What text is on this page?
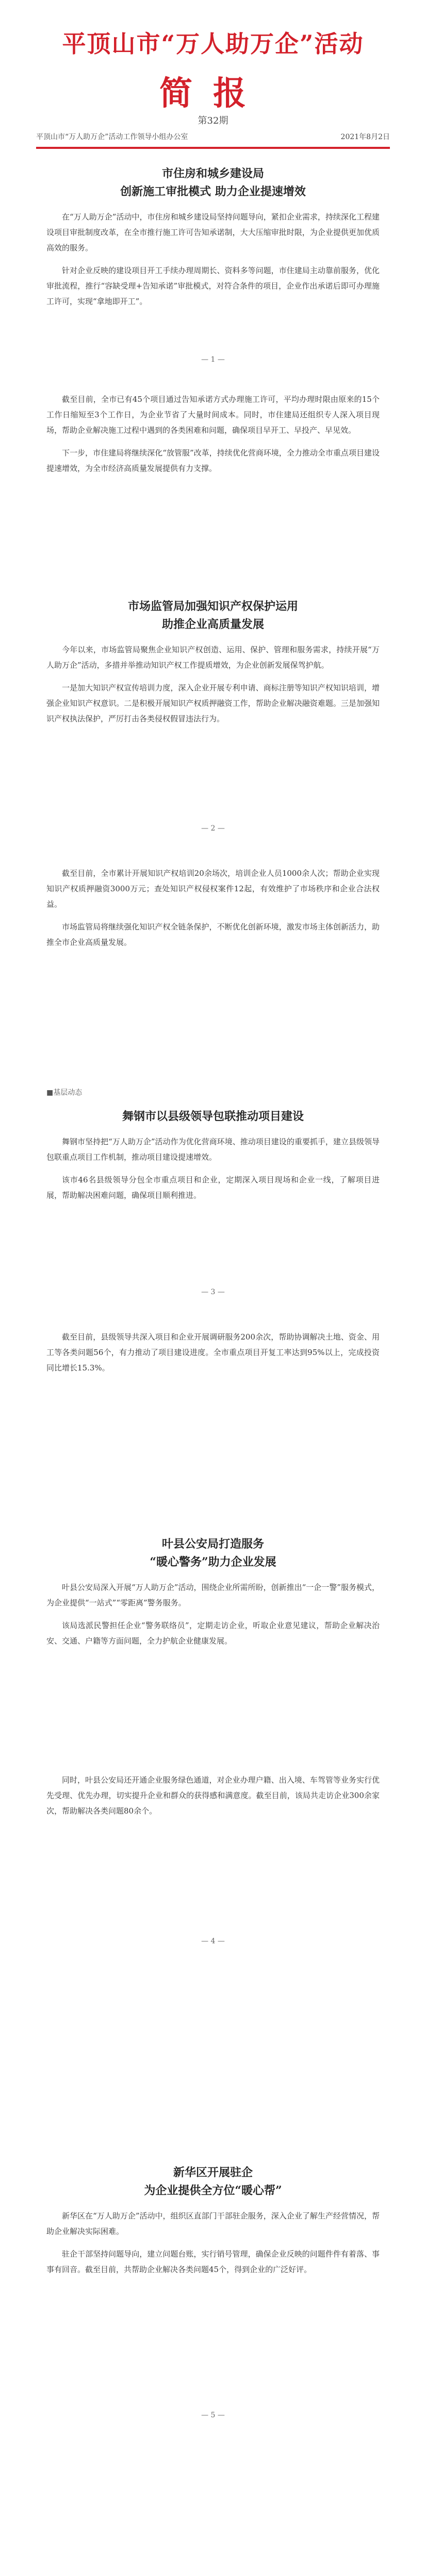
平顶山市“万人助万企”活动
简报
第32期
平顶山市“万人助万企”活动工作领导小组办公室	2021年8月2日
市住房和城乡建设局
创新施工审批模式 助力企业提速增效

在“万人助万企”活动中，市住房和城乡建设局坚持问题导向，紧扣企业需求，持续深化工程建设项目审批制度改革，在全市推行施工许可告知承诺制，大大压缩审批时限，为企业提供更加优质高效的服务。

针对企业反映的建设项目开工手续办理周期长、资料多等问题，市住建局主动靠前服务，优化审批流程，推行“容缺受理+告知承诺”审批模式，对符合条件的项目，企业作出承诺后即可办理施工许可，实现“拿地即开工”。

— 1 —

截至目前，全市已有45个项目通过告知承诺方式办理施工许可，平均办理时限由原来的15个工作日缩短至3个工作日，为企业节省了大量时间成本。同时，市住建局还组织专人深入项目现场，帮助企业解决施工过程中遇到的各类困难和问题，确保项目早开工、早投产、早见效。

下一步，市住建局将继续深化“放管服”改革，持续优化营商环境，全力推动全市重点项目建设提速增效，为全市经济高质量发展提供有力支撑。

市场监管局加强知识产权保护运用
助推企业高质量发展

今年以来，市场监管局聚焦企业知识产权创造、运用、保护、管理和服务需求，持续开展“万人助万企”活动，多措并举推动知识产权工作提质增效，为企业创新发展保驾护航。

一是加大知识产权宣传培训力度，深入企业开展专利申请、商标注册等知识产权知识培训，增强企业知识产权意识。二是积极开展知识产权质押融资工作，帮助企业解决融资难题。三是加强知识产权执法保护，严厉打击各类侵权假冒违法行为。

— 2 —

截至目前，全市累计开展知识产权培训20余场次，培训企业人员1000余人次；帮助企业实现知识产权质押融资3000万元；查处知识产权侵权案件12起，有效维护了市场秩序和企业合法权益。

市场监管局将继续强化知识产权全链条保护，不断优化创新环境，激发市场主体创新活力，助推全市企业高质量发展。

■基层动态
舞钢市以县级领导包联推动项目建设

舞钢市坚持把“万人助万企”活动作为优化营商环境、推动项目建设的重要抓手，建立县级领导包联重点项目工作机制，推动项目建设提速增效。

该市46名县级领导分包全市重点项目和企业，定期深入项目现场和企业一线，了解项目进展，帮助解决困难问题，确保项目顺利推进。

— 3 —

截至目前，县级领导共深入项目和企业开展调研服务200余次，帮助协调解决土地、资金、用工等各类问题56个，有力推动了项目建设进度。全市重点项目开复工率达到95%以上，完成投资同比增长15.3%。

叶县公安局打造服务
“暖心警务”助力企业发展

叶县公安局深入开展“万人助万企”活动，围绕企业所需所盼，创新推出“一企一警”服务模式，为企业提供“一站式”“零距离”警务服务。

该局选派民警担任企业“警务联络员”，定期走访企业，听取企业意见建议，帮助企业解决治安、交通、户籍等方面问题，全力护航企业健康发展。

同时，叶县公安局还开通企业服务绿色通道，对企业办理户籍、出入境、车驾管等业务实行优先受理、优先办理，切实提升企业和群众的获得感和满意度。截至目前，该局共走访企业300余家次，帮助解决各类问题80余个。

— 4 —
新华区开展驻企
为企业提供全方位“暖心帮”

新华区在“万人助万企”活动中，组织区直部门干部驻企服务，深入企业了解生产经营情况，帮助企业解决实际困难。

驻企干部坚持问题导向，建立问题台账，实行销号管理，确保企业反映的问题件件有着落、事事有回音。截至目前，共帮助企业解决各类问题45个，得到企业的广泛好评。

— 5 —
